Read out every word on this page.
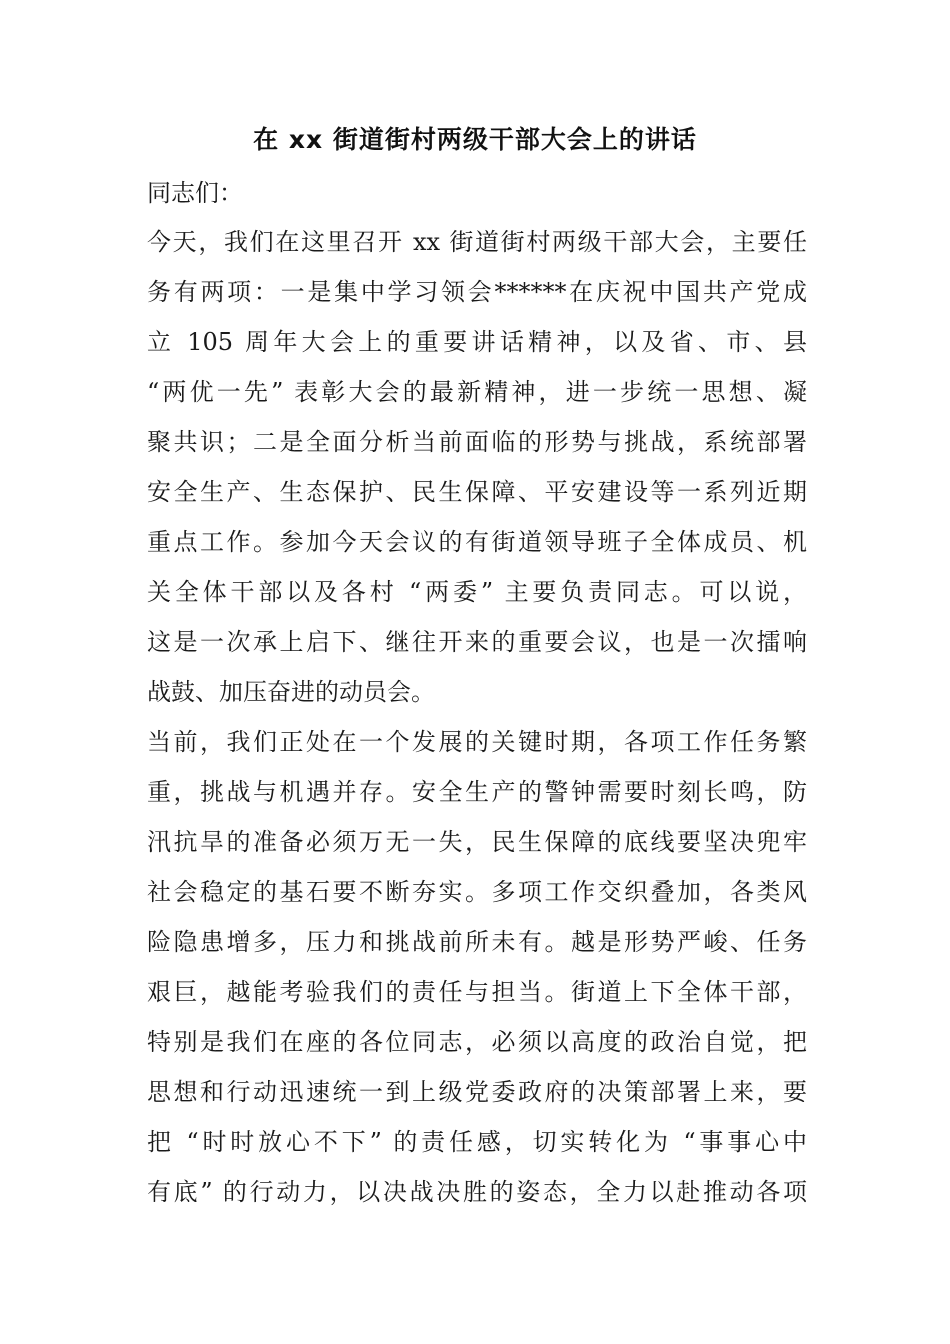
在 xx 街道街村两级干部大会上的讲话
同志们：
今天，我们在这里召开 xx 街道街村两级干部大会，主要任
务有两项：一是集中学习领会******在庆祝中国共产党成
立 105 周年大会上的重要讲话精神，以及省、市、县
“两优一先” 表彰大会的最新精神，进一步统一思想、凝
聚共识；二是全面分析当前面临的形势与挑战，系统部署
安全生产、生态保护、民生保障、平安建设等一系列近期
重点工作。参加今天会议的有街道领导班子全体成员、机
关全体干部以及各村 “两委” 主要负责同志。可以说，
这是一次承上启下、继往开来的重要会议，也是一次擂响
战鼓、加压奋进的动员会。
当前，我们正处在一个发展的关键时期，各项工作任务繁
重，挑战与机遇并存。安全生产的警钟需要时刻长鸣，防
汛抗旱的准备必须万无一失，民生保障的底线要坚决兜牢
社会稳定的基石要不断夯实。多项工作交织叠加，各类风
险隐患增多，压力和挑战前所未有。越是形势严峻、任务
艰巨，越能考验我们的责任与担当。街道上下全体干部，
特别是我们在座的各位同志，必须以高度的政治自觉，把
思想和行动迅速统一到上级党委政府的决策部署上来，要
把 “时时放心不下” 的责任感，切实转化为 “事事心中
有底” 的行动力，以决战决胜的姿态，全力以赴推动各项
